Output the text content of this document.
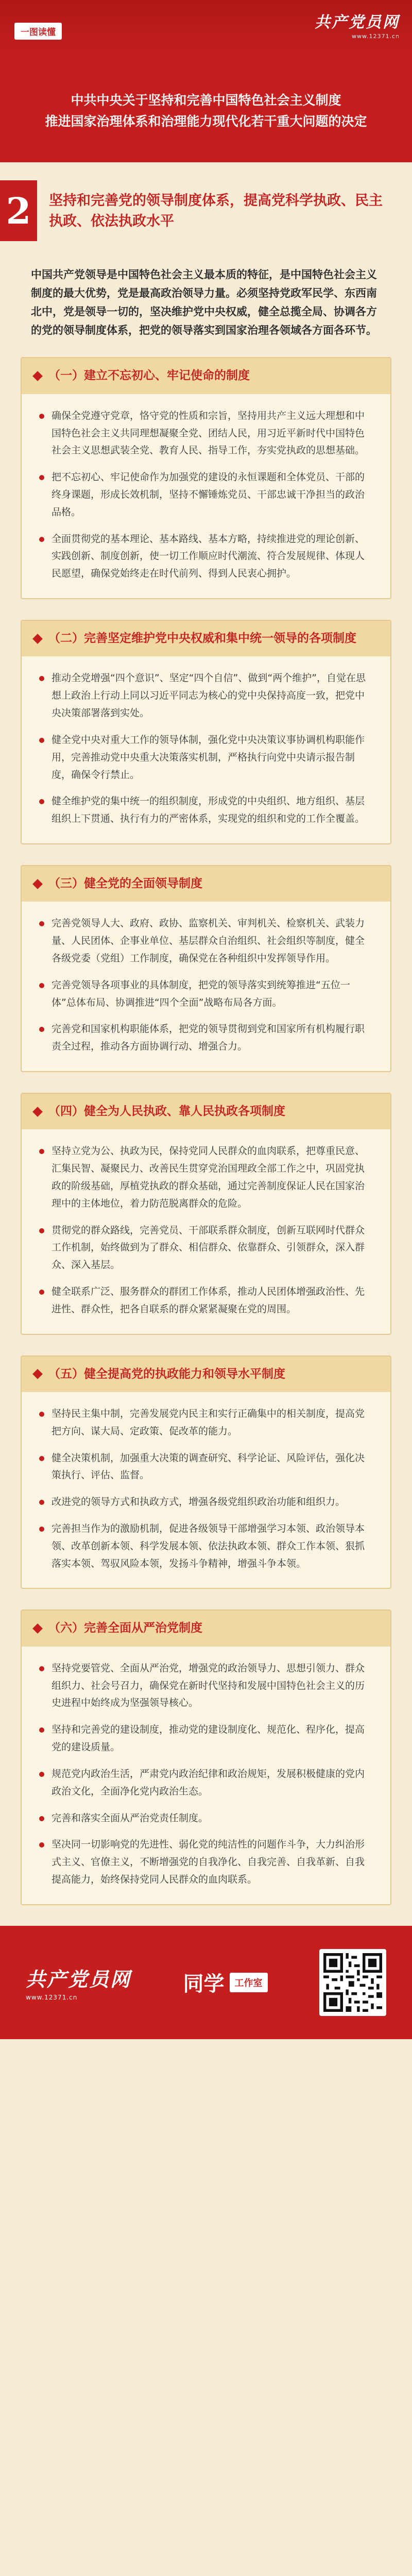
一图读懂
共产党员网
www.12371.cn
中共中央关于坚持和完善中国特色社会主义制度
推进国家治理体系和治理能力现代化若干重大问题的决定
2	坚持和完善党的领导制度体系，提高党科学执政、民主执政、依法执政水平
中国共产党领导是中国特色社会主义最本质的特征，是中国特色社会主义制度的最大优势，党是最高政治领导力量。必须坚持党政军民学、东西南北中，党是领导一切的，坚决维护党中央权威，健全总揽全局、协调各方的党的领导制度体系，把党的领导落实到国家治理各领域各方面各环节。
（一）建立不忘初心、牢记使命的制度
确保全党遵守党章，恪守党的性质和宗旨，坚持用共产主义远大理想和中国特色社会主义共同理想凝聚全党、团结人民，用习近平新时代中国特色社会主义思想武装全党、教育人民、指导工作，夯实党执政的思想基础。
把不忘初心、牢记使命作为加强党的建设的永恒课题和全体党员、干部的终身课题，形成长效机制，坚持不懈锤炼党员、干部忠诚干净担当的政治品格。
全面贯彻党的基本理论、基本路线、基本方略，持续推进党的理论创新、实践创新、制度创新，使一切工作顺应时代潮流、符合发展规律、体现人民愿望，确保党始终走在时代前列、得到人民衷心拥护。
（二）完善坚定维护党中央权威和集中统一领导的各项制度
推动全党增强“四个意识”、坚定“四个自信”、做到“两个维护”，自觉在思想上政治上行动上同以习近平同志为核心的党中央保持高度一致，把党中央决策部署落到实处。
健全党中央对重大工作的领导体制，强化党中央决策议事协调机构职能作用，完善推动党中央重大决策落实机制，严格执行向党中央请示报告制度，确保令行禁止。
健全维护党的集中统一的组织制度，形成党的中央组织、地方组织、基层组织上下贯通、执行有力的严密体系，实现党的组织和党的工作全覆盖。
（三）健全党的全面领导制度
完善党领导人大、政府、政协、监察机关、审判机关、检察机关、武装力量、人民团体、企事业单位、基层群众自治组织、社会组织等制度，健全各级党委（党组）工作制度，确保党在各种组织中发挥领导作用。
完善党领导各项事业的具体制度，把党的领导落实到统筹推进“五位一体”总体布局、协调推进“四个全面”战略布局各方面。
完善党和国家机构职能体系，把党的领导贯彻到党和国家所有机构履行职责全过程，推动各方面协调行动、增强合力。
（四）健全为人民执政、靠人民执政各项制度
坚持立党为公、执政为民，保持党同人民群众的血肉联系，把尊重民意、汇集民智、凝聚民力、改善民生贯穿党治国理政全部工作之中，巩固党执政的阶级基础，厚植党执政的群众基础，通过完善制度保证人民在国家治理中的主体地位，着力防范脱离群众的危险。
贯彻党的群众路线，完善党员、干部联系群众制度，创新互联网时代群众工作机制，始终做到为了群众、相信群众、依靠群众、引领群众，深入群众、深入基层。
健全联系广泛、服务群众的群团工作体系，推动人民团体增强政治性、先进性、群众性，把各自联系的群众紧紧凝聚在党的周围。
（五）健全提高党的执政能力和领导水平制度
坚持民主集中制，完善发展党内民主和实行正确集中的相关制度，提高党把方向、谋大局、定政策、促改革的能力。
健全决策机制，加强重大决策的调查研究、科学论证、风险评估，强化决策执行、评估、监督。
改进党的领导方式和执政方式，增强各级党组织政治功能和组织力。
完善担当作为的激励机制，促进各级领导干部增强学习本领、政治领导本领、改革创新本领、科学发展本领、依法执政本领、群众工作本领、狠抓落实本领、驾驭风险本领，发扬斗争精神，增强斗争本领。
（六）完善全面从严治党制度
坚持党要管党、全面从严治党，增强党的政治领导力、思想引领力、群众组织力、社会号召力，确保党在新时代坚持和发展中国特色社会主义的历史进程中始终成为坚强领导核心。
坚持和完善党的建设制度，推动党的建设制度化、规范化、程序化，提高党的建设质量。
规范党内政治生活，严肃党内政治纪律和政治规矩，发展积极健康的党内政治文化，全面净化党内政治生态。
完善和落实全面从严治党责任制度。
坚决同一切影响党的先进性、弱化党的纯洁性的问题作斗争，大力纠治形式主义、官僚主义，不断增强党的自我净化、自我完善、自我革新、自我提高能力，始终保持党同人民群众的血肉联系。
共产党员网
www.12371.cn
同学	工作室
